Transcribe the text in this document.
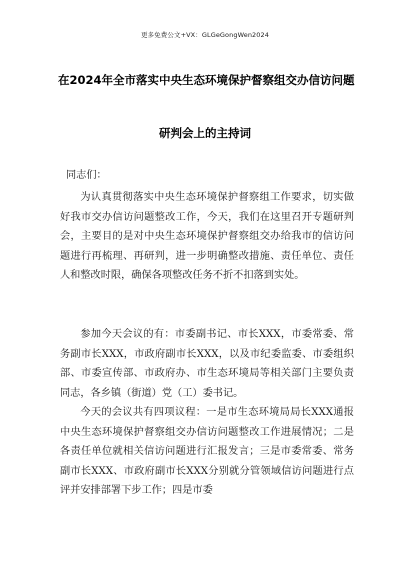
更多免费公文+VX：GLGeGongWen2024
在2024年全市落实中央生态环境保护督察组交办信访问题
研判会上的主持词
同志们：
为认真贯彻落实中央生态环境保护督察组工作要求，切实做好我市交办信访问题整改工作，今天，我们在这里召开专题研判会，主要目的是对中央生态环境保护督察组交办给我市的信访问题进行再梳理、再研判，进一步明确整改措施、责任单位、责任人和整改时限，确保各项整改任务不折不扣落到实处。
参加今天会议的有：市委副书记、市长XXX，市委常委、常务副市长XXX，市政府副市长XXX，以及市纪委监委、市委组织部、市委宣传部、市政府办、市生态环境局等相关部门主要负责同志，各乡镇（街道）党（工）委书记。
今天的会议共有四项议程：一是市生态环境局局长XXX通报中央生态环境保护督察组交办信访问题整改工作进展情况；二是各责任单位就相关信访问题进行汇报发言；三是市委常委、常务副市长XXX、市政府副市长XXX分别就分管领域信访问题进行点评并安排部署下步工作；四是市委
